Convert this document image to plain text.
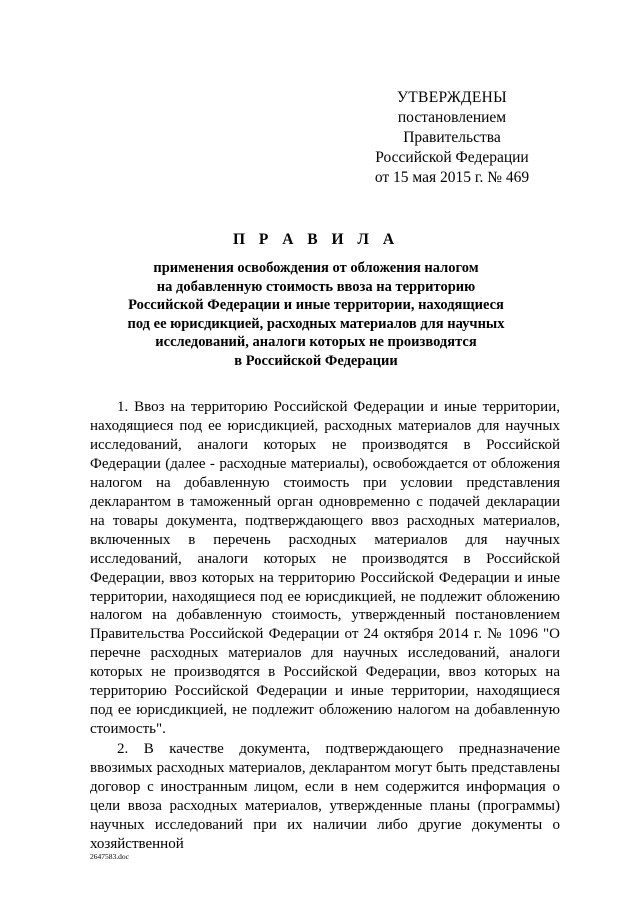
УТВЕРЖДЕНЫ
постановлением Правительства
Российской Федерации
от 15 мая 2015 г. № 469
П Р А В И Л А
применения освобождения от обложения налогом
на добавленную стоимость ввоза на территорию
Российской Федерации и иные территории, находящиеся
под ее юрисдикцией, расходных материалов для научных
исследований, аналоги которых не производятся
в Российской Федерации

1. Ввоз на территорию Российской Федерации и иные территории, находящиеся под ее юрисдикцией, расходных материалов для научных исследований, аналоги которых не производятся в Российской Федерации (далее - расходные материалы), освобождается от обложения налогом на добавленную стоимость при условии представления декларантом в таможенный орган одновременно с подачей декларации на товары документа, подтверждающего ввоз расходных материалов, включенных в перечень расходных материалов для научных исследований, аналоги которых не производятся в Российской Федерации, ввоз которых на территорию Российской Федерации и иные территории, находящиеся под ее юрисдикцией, не подлежит обложению налогом на добавленную стоимость, утвержденный постановлением Правительства Российской Федерации от 24 октября 2014 г. № 1096 "О перечне расходных материалов для научных исследований, аналоги которых не производятся в Российской Федерации, ввоз которых на территорию Российской Федерации и иные территории, находящиеся под ее юрисдикцией, не подлежит обложению налогом на добавленную стоимость".

2. В качестве документа, подтверждающего предназначение ввозимых расходных материалов, декларантом могут быть представлены договор с иностранным лицом, если в нем содержится информация о цели ввоза расходных материалов, утвержденные планы (программы) научных исследований при их наличии либо другие документы о хозяйственной

2647583.doc
